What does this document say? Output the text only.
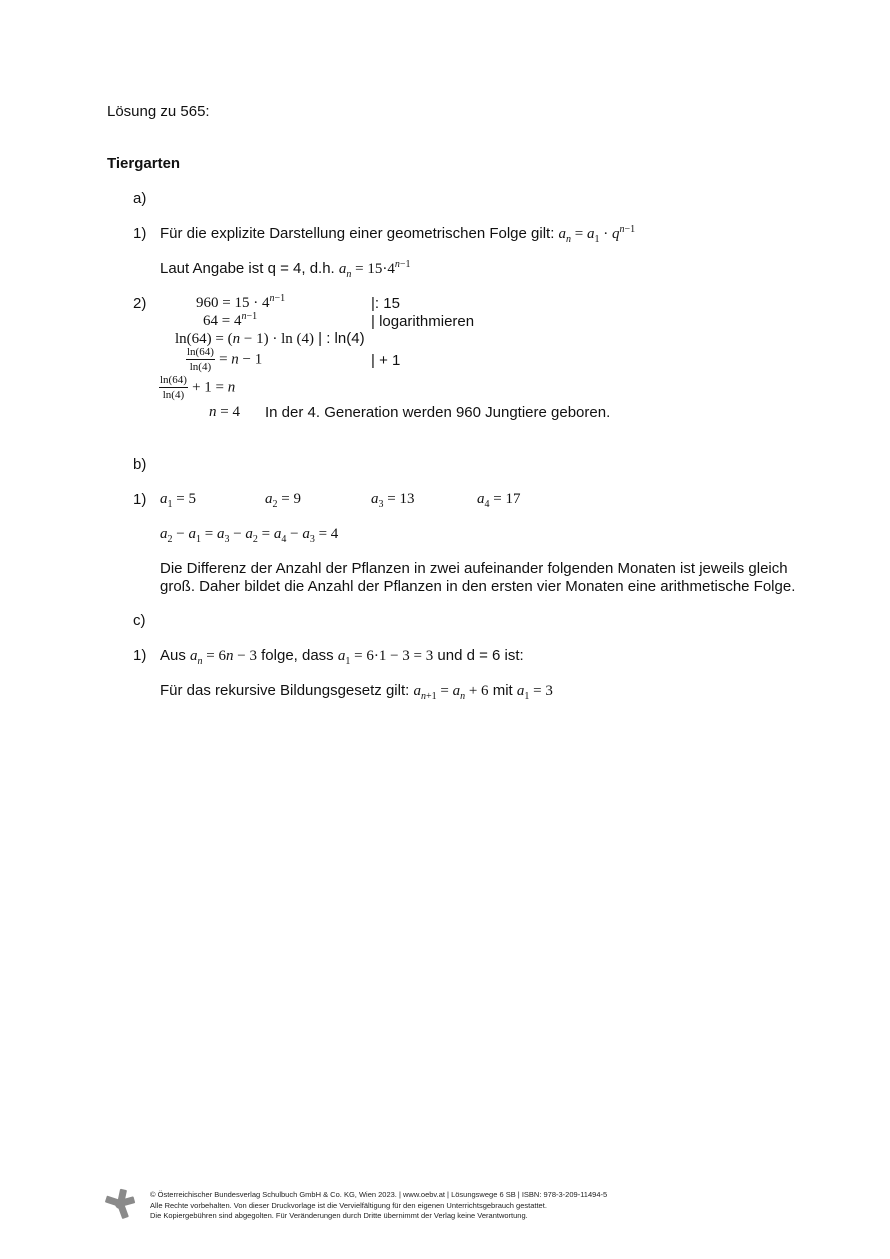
Lösung zu 565:
Tiergarten
a)
1) Für die explizite Darstellung einer geometrischen Folge gilt: $a_n = a_1 \cdot q^{n-1}$
Laut Angabe ist q = 4, d.h. $a_n = 15\cdot 4^{n-1}$
2)	$960 = 15 \cdot 4^{n-1}$	|: 15
$64 = 4^{n-1}$	| logarithmieren
ln(64) = (n − 1) · ln (4) | : ln(4)
$\frac{\ln(64)}{\ln(4)} = n - 1$	| + 1
$\frac{\ln(64)}{\ln(4)} + 1 = n$
n = 4 In der 4. Generation werden 960 Jungtiere geboren.
b)
1) $a_1 = 5$	$a_2 = 9$	$a_3 = 13$	$a_4 = 17$
$a_2 - a_1 = a_3 - a_2 = a_4 - a_3 = 4$
Die Differenz der Anzahl der Pflanzen in zwei aufeinander folgenden Monaten ist jeweils gleich
groß. Daher bildet die Anzahl der Pflanzen in den ersten vier Monaten eine arithmetische Folge.
c)
1) Aus $a_n = 6n - 3$ folge, dass $a_1 = 6\cdot 1 - 3 = 3$ und d = 6 ist:
Für das rekursive Bildungsgesetz gilt: $a_{n+1} = a_n + 6$ mit $a_1 = 3$
© Österreichischer Bundesverlag Schulbuch GmbH & Co. KG, Wien 2023. | www.oebv.at | Lösungswege 6 SB | ISBN: 978-3-209-11494-5
Alle Rechte vorbehalten. Von dieser Druckvorlage ist die Vervielfältigung für den eigenen Unterrichtsgebrauch gestattet.
Die Kopiergebühren sind abgegolten. Für Veränderungen durch Dritte übernimmt der Verlag keine Verantwortung.
